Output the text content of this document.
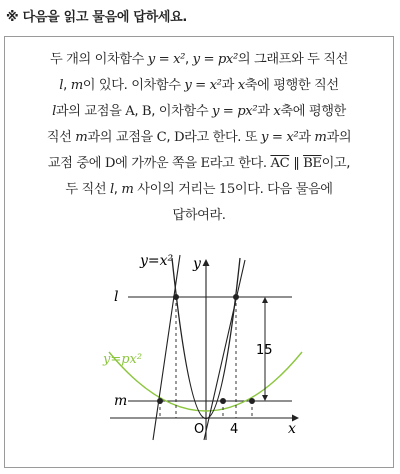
※ 다음을 읽고 물음에 답하세요.

두 개의 이차함수 y = x², y = px²의 그래프와 두 직선

l, m이 있다. 이차함수 y = x²과 x축에 평행한 직선

l과의 교점을 A, B, 이차함수 y = px²과 x축에 평행한

직선 m과의 교점을 C, D라고 한다. 또 y = x²과 m과의

교점 중에 D에 가까운 쪽을 E라고 한다. $\overline{AC}$ ∥ $\overline{BE}$이고,

두 직선 l, m 사이의 거리는 15이다. 다음 물음에

답하여라.

y=x²
y=px²
l
m
y
x
O
15
4
